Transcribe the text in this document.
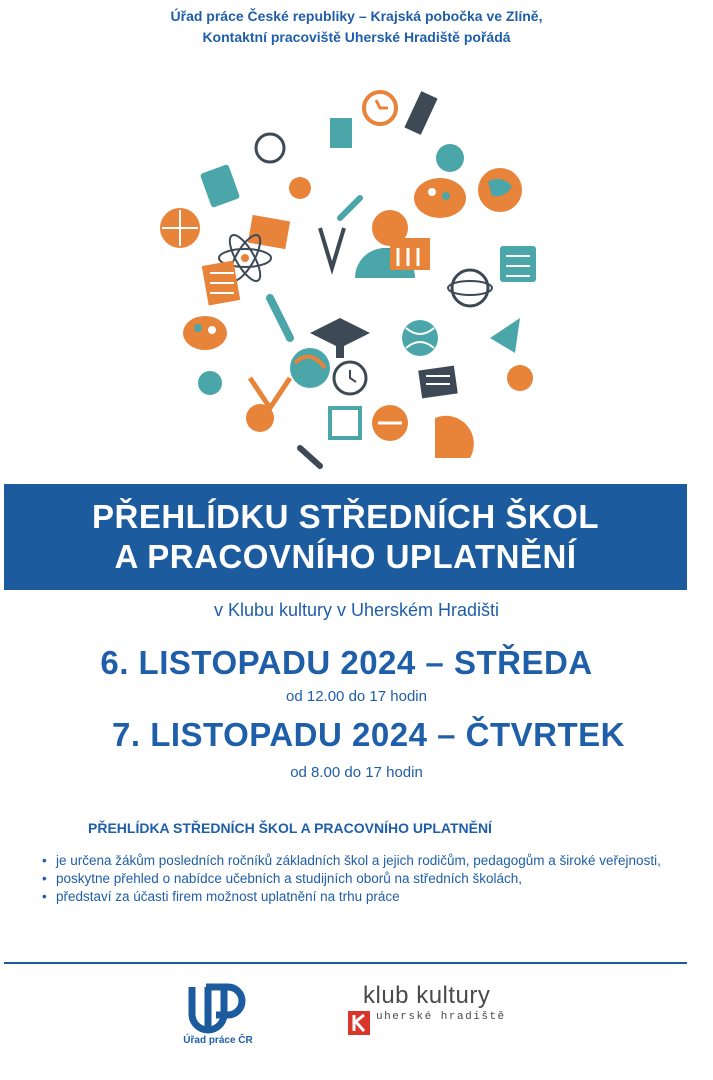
Úřad práce České republiky – Krajská pobočka ve Zlíně,
Kontaktní pracoviště Uherské Hradiště pořádá
PŘEHLÍDKU STŘEDNÍCH ŠKOL
A PRACOVNÍHO UPLATNĚNÍ
v Klubu kultury v Uherském Hradišti
6. LISTOPADU 2024 – STŘEDA
od 12.00 do 17 hodin
7. LISTOPADU 2024 – ČTVRTEK
od 8.00 do 17 hodin
PŘEHLÍDKA STŘEDNÍCH ŠKOL A PRACOVNÍHO UPLATNĚNÍ
• je určena žákům posledních ročníků základních škol a jejich rodičům, pedagogům a široké veřejnosti,
• poskytne přehled o nabídce učebních a studijních oborů na středních školách,
• představí za účasti firem možnost uplatnění na trhu práce
Úřad práce ČR
klub kultury
uherské hradiště
